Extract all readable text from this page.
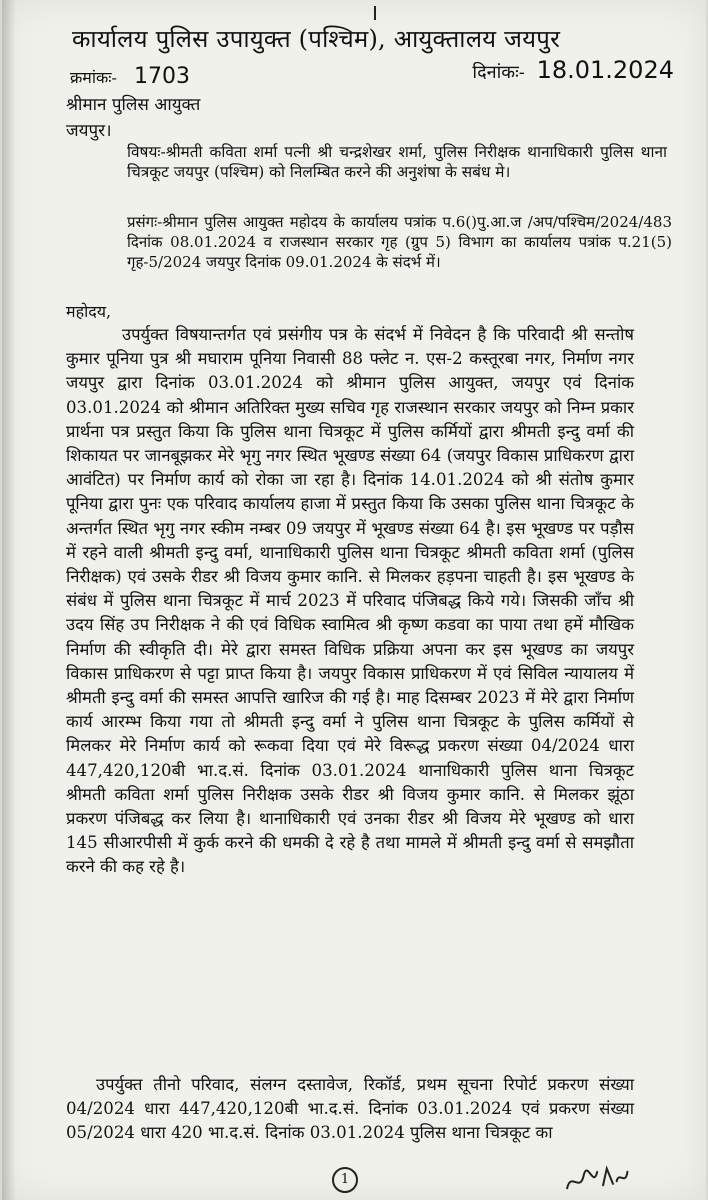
कार्यालय पुलिस उपायुक्त (पश्चिम), आयुक्तालय जयपुर
क्रमांकः- 1703	दिनांकः- 18.01.2024
श्रीमान पुलिस आयुक्त
जयपुर।
विषयः-श्रीमती कविता शर्मा पत्नी श्री चन्द्रशेखर शर्मा, पुलिस निरीक्षक थानाधिकारी पुलिस थाना चित्रकूट जयपुर (पश्चिम) को निलम्बित करने की अनुशंषा के सबंध मे।
प्रसंगः-श्रीमान पुलिस आयुक्त महोदय के कार्यालय पत्रांक प.6()पु.आ.ज /अप/पश्चिम/2024/483 दिनांक 08.01.2024 व राजस्थान सरकार गृह (ग्रुप 5) विभाग का कार्यालय पत्रांक प.21(5) गृह-5/2024 जयपुर दिनांक 09.01.2024 के संदर्भ में।
महोदय,
उपर्युक्त विषयान्तर्गत एवं प्रसंगीय पत्र के संदर्भ में निवेदन है कि परिवादी श्री सन्तोष कुमार पूनिया पुत्र श्री मघाराम पूनिया निवासी 88 फ्लेट न. एस-2 कस्तूरबा नगर, निर्माण नगर जयपुर द्वारा दिनांक 03.01.2024 को श्रीमान पुलिस आयुक्त, जयपुर एवं दिनांक 03.01.2024 को श्रीमान अतिरिक्त मुख्य सचिव गृह राजस्थान सरकार जयपुर को निम्न प्रकार प्रार्थना पत्र प्रस्तुत किया कि पुलिस थाना चित्रकूट में पुलिस कर्मियों द्वारा श्रीमती इन्दु वर्मा की शिकायत पर जानबूझकर मेरे भृगु नगर स्थित भूखण्ड संख्या 64 (जयपुर विकास प्राधिकरण द्वारा आवंटित) पर निर्माण कार्य को रोका जा रहा है। दिनांक 14.01.2024 को श्री संतोष कुमार पूनिया द्वारा पुनः एक परिवाद कार्यालय हाजा में प्रस्तुत किया कि उसका पुलिस थाना चित्रकूट के अन्तर्गत स्थित भृगु नगर स्कीम नम्बर 09 जयपुर में भूखण्ड संख्या 64 है। इस भूखण्ड पर पड़ौस में रहने वाली श्रीमती इन्दु वर्मा, थानाधिकारी पुलिस थाना चित्रकूट श्रीमती कविता शर्मा (पुलिस निरीक्षक) एवं उसके रीडर श्री विजय कुमार कानि. से मिलकर हड़पना चाहती है। इस भूखण्ड के संबंध में पुलिस थाना चित्रकूट में मार्च 2023 में परिवाद पंजिबद्ध किये गये। जिसकी जाँच श्री उदय सिंह उप निरीक्षक ने की एवं विधिक स्वामित्व श्री कृष्ण कडवा का पाया तथा हमें मौखिक निर्माण की स्वीकृति दी। मेरे द्वारा समस्त विधिक प्रक्रिया अपना कर इस भूखण्ड का जयपुर विकास प्राधिकरण से पट्टा प्राप्त किया है। जयपुर विकास प्राधिकरण में एवं सिविल न्यायालय में श्रीमती इन्दु वर्मा की समस्त आपत्ति खारिज की गई है। माह दिसम्बर 2023 में मेरे द्वारा निर्माण कार्य आरम्भ किया गया तो श्रीमती इन्दु वर्मा ने पुलिस थाना चित्रकूट के पुलिस कर्मियों से मिलकर मेरे निर्माण कार्य को रूकवा दिया एवं मेरे विरूद्ध प्रकरण संख्या 04/2024 धारा 447,420,120बी भा.द.सं. दिनांक 03.01.2024 थानाधिकारी पुलिस थाना चित्रकूट श्रीमती कविता शर्मा पुलिस निरीक्षक उसके रीडर श्री विजय कुमार कानि. से मिलकर झूंठा प्रकरण पंजिबद्ध कर लिया है। थानाधिकारी एवं उनका रीडर श्री विजय मेरे भूखण्ड को धारा 145 सीआरपीसी में कुर्क करने की धमकी दे रहे है तथा मामले में श्रीमती इन्दु वर्मा से समझौता करने की कह रहे है।
उपर्युक्त तीनो परिवाद, संलग्न दस्तावेज, रिकॉर्ड, प्रथम सूचना रिपोर्ट प्रकरण संख्या 04/2024 धारा 447,420,120बी भा.द.सं. दिनांक 03.01.2024 एवं प्रकरण संख्या 05/2024 धारा 420 भा.द.सं. दिनांक 03.01.2024 पुलिस थाना चित्रकूट का
1
